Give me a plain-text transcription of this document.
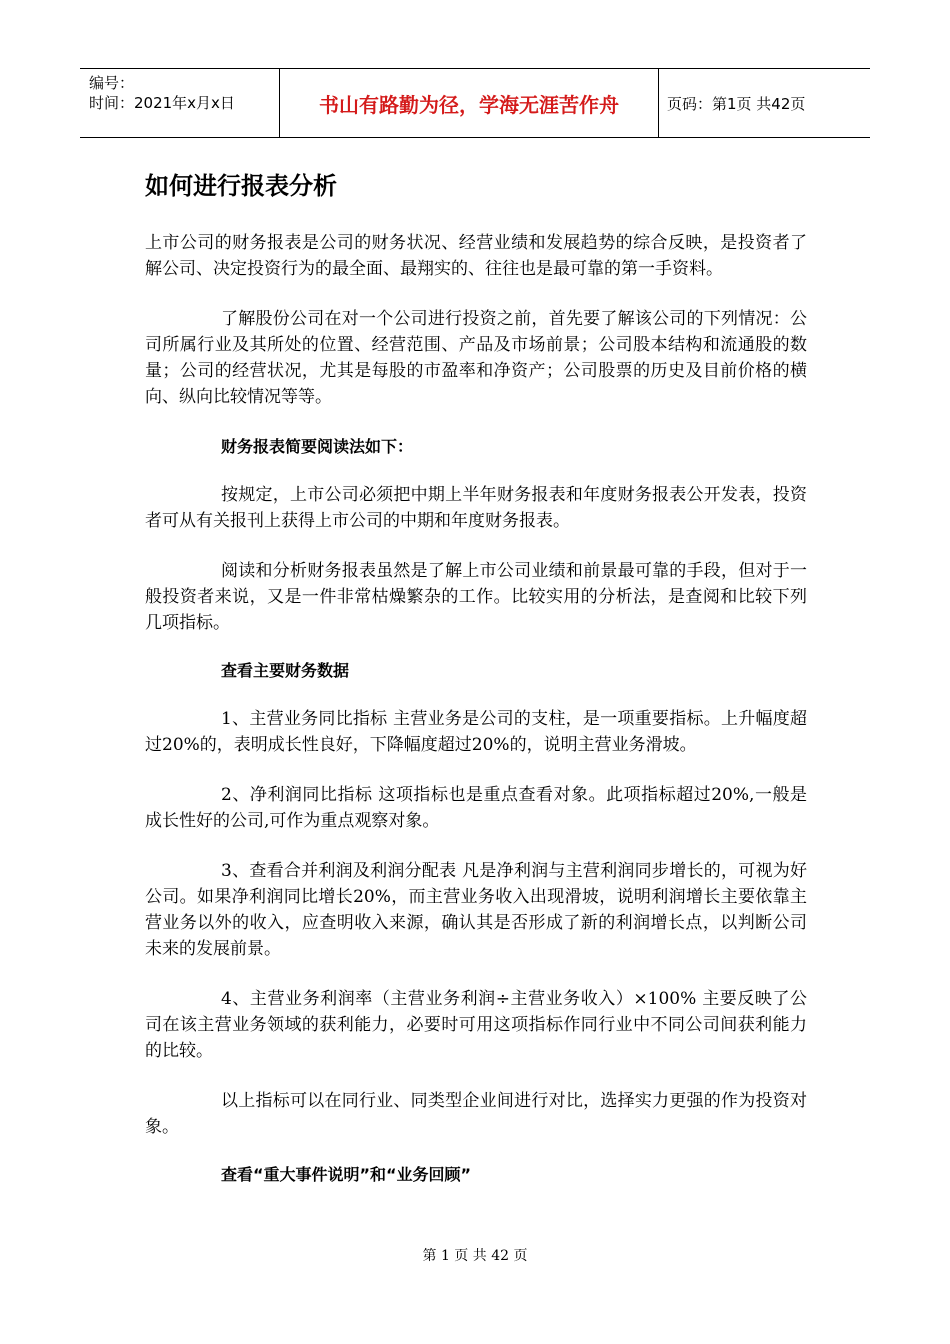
编号：
时间：2021年x月x日	书山有路勤为径，学海无涯苦作舟	页码：第1页 共42页
如何进行报表分析

上市公司的财务报表是公司的财务状况、经营业绩和发展趋势的综合反映，是投资者了解公司、决定投资行为的最全面、最翔实的、往往也是最可靠的第一手资料。

了解股份公司在对一个公司进行投资之前，首先要了解该公司的下列情况：公司所属行业及其所处的位置、经营范围、产品及市场前景；公司股本结构和流通股的数量；公司的经营状况，尤其是每股的市盈率和净资产；公司股票的历史及目前价格的横向、纵向比较情况等等。

财务报表简要阅读法如下：

按规定，上市公司必须把中期上半年财务报表和年度财务报表公开发表，投资者可从有关报刊上获得上市公司的中期和年度财务报表。

阅读和分析财务报表虽然是了解上市公司业绩和前景最可靠的手段，但对于一般投资者来说，又是一件非常枯燥繁杂的工作。比较实用的分析法，是查阅和比较下列几项指标。

查看主要财务数据

1、主营业务同比指标 主营业务是公司的支柱，是一项重要指标。上升幅度超过20%的，表明成长性良好，下降幅度超过20%的，说明主营业务滑坡。

2、净利润同比指标 这项指标也是重点查看对象。此项指标超过20%,一般是成长性好的公司,可作为重点观察对象。

3、查看合并利润及利润分配表 凡是净利润与主营利润同步增长的，可视为好公司。如果净利润同比增长20%，而主营业务收入出现滑坡，说明利润增长主要依靠主营业务以外的收入，应查明收入来源，确认其是否形成了新的利润增长点，以判断公司未来的发展前景。

4、主营业务利润率（主营业务利润÷主营业务收入）×100% 主要反映了公司在该主营业务领域的获利能力，必要时可用这项指标作同行业中不同公司间获利能力的比较。

以上指标可以在同行业、同类型企业间进行对比，选择实力更强的作为投资对象。

查看“重大事件说明”和“业务回顾”

第 1 页 共 42 页
